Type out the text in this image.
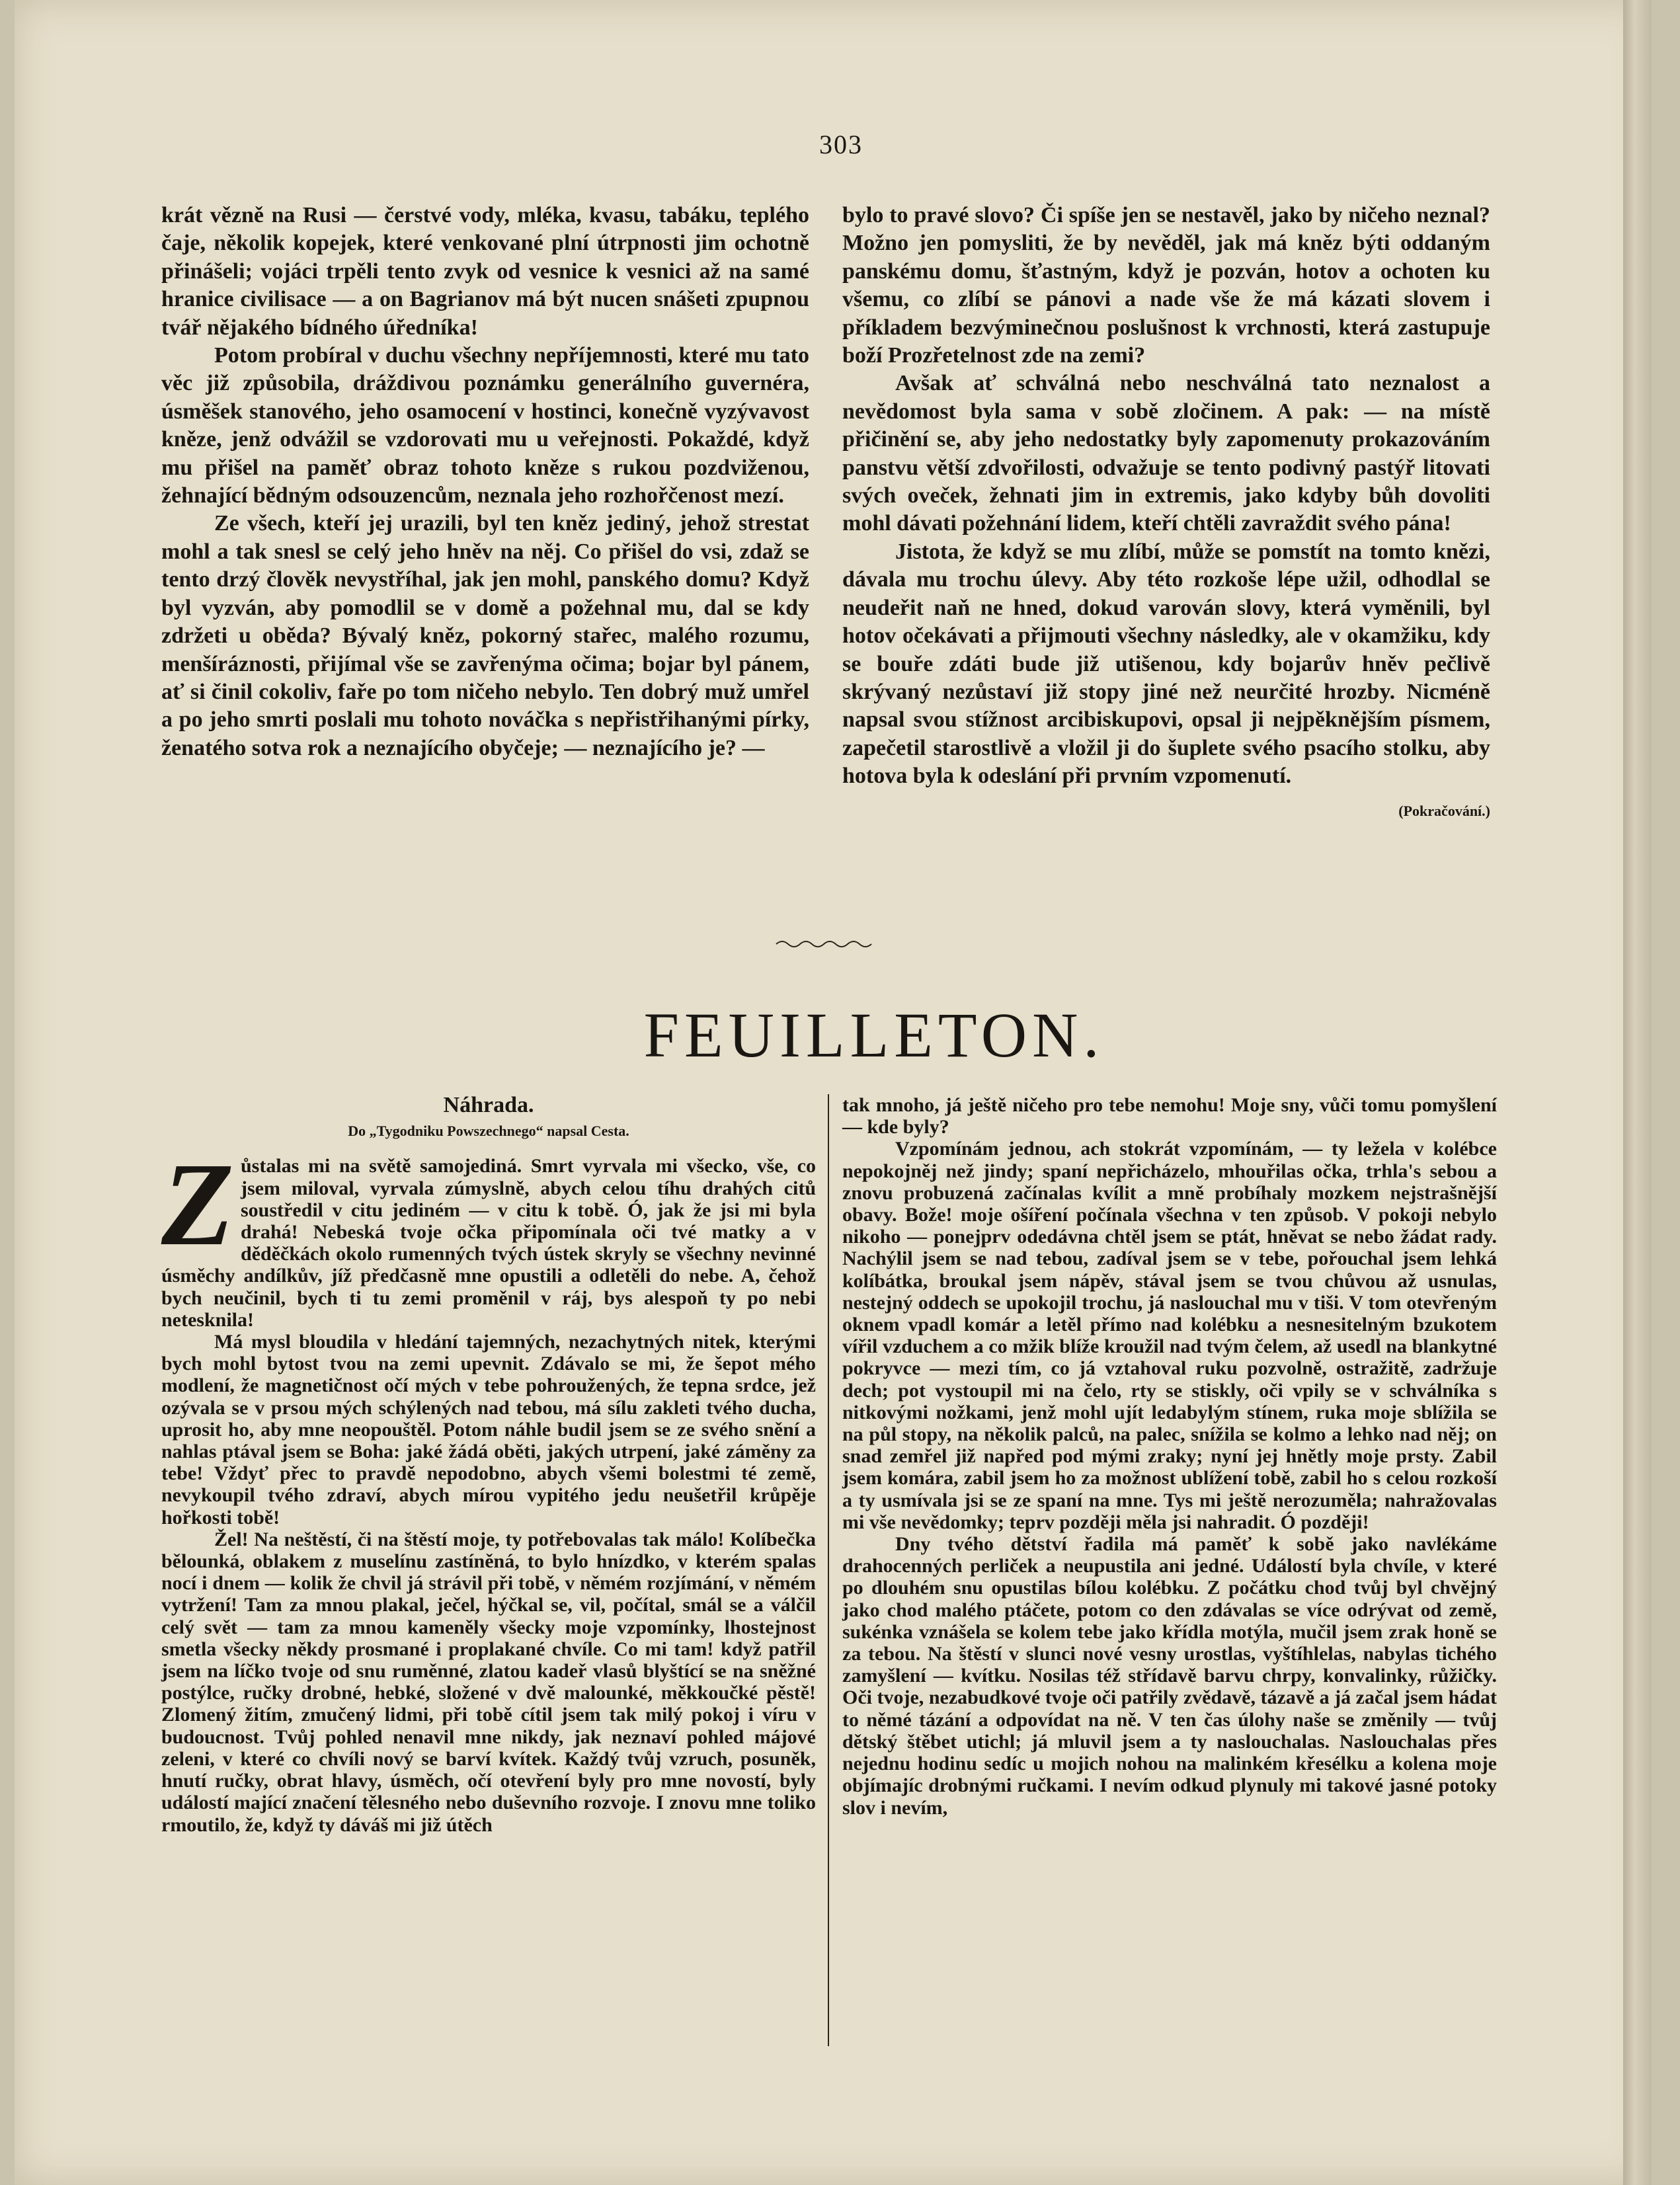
303

krát vězně na Rusi — čerstvé vody, mléka, kvasu, tabáku, teplého čaje, několik kopejek, které venkované plní útrpnosti jim ochotně přinášeli; vojáci trpěli tento zvyk od vesnice k vesnici až na samé hranice civilisace — a on Bagrianov má být nucen snášeti zpupnou tvář nějakého bídného úředníka!

Potom probíral v duchu všechny nepříjemnosti, které mu tato věc již způsobila, dráždivou poznámku generálního guvernéra, úsměšek stanového, jeho osamocení v hostinci, konečně vyzývavost kněze, jenž odvážil se vzdorovati mu u veřejnosti. Pokaždé, když mu přišel na paměť obraz tohoto kněze s rukou pozdviženou, žehnající bědným odsouzencům, neznala jeho rozhořčenost mezí.

Ze všech, kteří jej urazili, byl ten kněz jediný, jehož strestat mohl a tak snesl se celý jeho hněv na něj. Co přišel do vsi, zdaž se tento drzý člověk nevystříhal, jak jen mohl, panského domu? Když byl vyzván, aby pomodlil se v domě a požehnal mu, dal se kdy zdržeti u oběda? Bývalý kněz, pokorný stařec, malého rozumu, menšíráznosti, přijímal vše se zavřenýma očima; bojar byl pánem, ať si činil cokoliv, faře po tom ničeho nebylo. Ten dobrý muž umřel a po jeho smrti poslali mu tohoto nováčka s nepřistřihanými pírky, ženatého sotva rok a neznajícího obyčeje; — neznajícího je? —

bylo to pravé slovo? Či spíše jen se nestavěl, jako by ničeho neznal? Možno jen pomysliti, že by nevěděl, jak má kněz býti oddaným panskému domu, šťastným, když je pozván, hotov a ochoten ku všemu, co zlíbí se pánovi a nade vše že má kázati slovem i příkladem bezvýminečnou poslušnost k vrchnosti, která zastupuje boží Prozřetelnost zde na zemi?

Avšak ať schválná nebo neschválná tato neznalost a nevědomost byla sama v sobě zločinem. A pak: — na místě přičinění se, aby jeho nedostatky byly zapomenuty prokazováním panstvu větší zdvořilosti, odvažuje se tento podivný pastýř litovati svých oveček, žehnati jim in extremis, jako kdyby bůh dovoliti mohl dávati požehnání lidem, kteří chtěli zavraždit svého pána!

Jistota, že když se mu zlíbí, může se pomstít na tomto knězi, dávala mu trochu úlevy. Aby této rozkoše lépe užil, odhodlal se neudeřit naň ne hned, dokud varován slovy, která vyměnili, byl hotov očekávati a přijmouti všechny následky, ale v okamžiku, kdy se bouře zdáti bude již utišenou, kdy bojarův hněv pečlivě skrývaný nezůstaví již stopy jiné než neurčité hrozby. Nicméně napsal svou stížnost arcibiskupovi, opsal ji nejpěknějším písmem, zapečetil starostlivě a vložil ji do šuplete svého psacího stolku, aby hotova byla k odeslání při prvním vzpomenutí.

(Pokračování.)
FEUILLETON.
Náhrada.
Do „Tygodniku Powszechnego“ napsal Cesta.

Z ůstalas mi na světě samojediná. Smrt vyrvala mi všecko, vše, co jsem miloval, vyrvala zúmyslně, abych celou tíhu drahých citů soustředil v citu jediném — v citu k tobě. Ó, jak že jsi mi byla drahá! Nebeská tvoje očka připomínala oči tvé matky a v děděčkách okolo rumenných tvých ústek skryly se všechny nevinné úsměchy andílkův, jíž předčasně mne opustili a odletěli do nebe. A, čehož bych neučinil, bych ti tu zemi proměnil v ráj, bys alespoň ty po nebi netesknila!

Má mysl bloudila v hledání tajemných, nezachytných nitek, kterými bych mohl bytost tvou na zemi upevnit. Zdávalo se mi, že šepot mého modlení, že magnetičnost očí mých v tebe pohroužených, že tepna srdce, jež ozývala se v prsou mých schýlených nad tebou, má sílu zakleti tvého ducha, uprosit ho, aby mne neopouštěl. Potom náhle budil jsem se ze svého snění a nahlas ptával jsem se Boha: jaké žádá oběti, jakých utrpení, jaké záměny za tebe! Vždyť přec to pravdě nepodobno, abych všemi bolestmi té země, nevykoupil tvého zdraví, abych mírou vypitého jedu neušetřil krůpěje hořkosti tobě!

Žel! Na neštěstí, či na štěstí moje, ty potřebovalas tak málo! Kolíbečka bělounká, oblakem z muselínu zastíněná, to bylo hnízdko, v kterém spalas nocí i dnem — kolik že chvil já strávil při tobě, v němém rozjímání, v němém vytržení! Tam za mnou plakal, ječel, hýčkal se, vil, počítal, smál se a válčil celý svět — tam za mnou kameněly všecky moje vzpomínky, lhostejnost smetla všecky někdy prosmané i proplakané chvíle. Co mi tam! když patřil jsem na líčko tvoje od snu ruměnné, zlatou kadeř vlasů blyštící se na sněžné postýlce, ručky drobné, hebké, složené v dvě malounké, měkkoučké pěstě! Zlomený žitím, zmučený lidmi, při tobě cítil jsem tak milý pokoj i víru v budoucnost. Tvůj pohled nenavil mne nikdy, jak neznaví pohled májové zeleni, v které co chvíli nový se barví kvítek. Každý tvůj vzruch, posuněk, hnutí ručky, obrat hlavy, úsměch, očí otevření byly pro mne novostí, byly událostí mající značení tělesného nebo duševního rozvoje. I znovu mne toliko rmoutilo, že, když ty dáváš mi již útěch

tak mnoho, já ještě ničeho pro tebe nemohu! Moje sny, vůči tomu pomyšlení — kde byly?

Vzpomínám jednou, ach stokrát vzpomínám, — ty ležela v kolébce nepokojněj než jindy; spaní nepřicházelo, mhouřilas očka, trhla's sebou a znovu probuzená začínalas kvílit a mně probíhaly mozkem nejstrašnější obavy. Bože! moje ošíření počínala všechna v ten způsob. V pokoji nebylo nikoho — ponejprv odedávna chtěl jsem se ptát, hněvat se nebo žádat rady. Nachýlil jsem se nad tebou, zadíval jsem se v tebe, pořouchal jsem lehká kolíbátka, broukal jsem nápěv, stával jsem se tvou chůvou až usnulas, nestejný oddech se upokojil trochu, já naslouchal mu v tiši. V tom otevřeným oknem vpadl komár a letěl přímo nad kolébku a nesnesitelným bzukotem vířil vzduchem a co mžik blíže kroužil nad tvým čelem, až usedl na blankytné pokryvce — mezi tím, co já vztahoval ruku pozvolně, ostražitě, zadržuje dech; pot vystoupil mi na čelo, rty se stiskly, oči vpily se v schválníka s nitkovými nožkami, jenž mohl ujít ledabylým stínem, ruka moje sblížila se na půl stopy, na několik palců, na palec, snížila se kolmo a lehko nad něj; on snad zemřel již napřed pod mými zraky; nyní jej hnětly moje prsty. Zabil jsem komára, zabil jsem ho za možnost ublížení tobě, zabil ho s celou rozkoší a ty usmívala jsi se ze spaní na mne. Tys mi ještě nerozuměla; nahražovalas mi vše nevědomky; teprv později měla jsi nahradit. Ó později!

Dny tvého dětství řadila má paměť k sobě jako navlékáme drahocenných perliček a neupustila ani jedné. Událostí byla chvíle, v které po dlouhém snu opustilas bílou kolébku. Z počátku chod tvůj byl chvějný jako chod malého ptáčete, potom co den zdávalas se více odrývat od země, sukénka vznášela se kolem tebe jako křídla motýla, mučil jsem zrak honě se za tebou. Na štěstí v slunci nové vesny urostlas, vyštíhlelas, nabylas tichého zamyšlení — kvítku. Nosilas též střídavě barvu chrpy, konvalinky, růžičky. Oči tvoje, nezabudkové tvoje oči patřily zvědavě, tázavě a já začal jsem hádat to němé tázání a odpovídat na ně. V ten čas úlohy naše se změnily — tvůj dětský štěbet utichl; já mluvil jsem a ty naslouchalas. Naslouchalas přes nejednu hodinu sedíc u mojich nohou na malinkém křesélku a kolena moje objímajíc drobnými ručkami. I nevím odkud plynuly mi takové jasné potoky slov i nevím,
